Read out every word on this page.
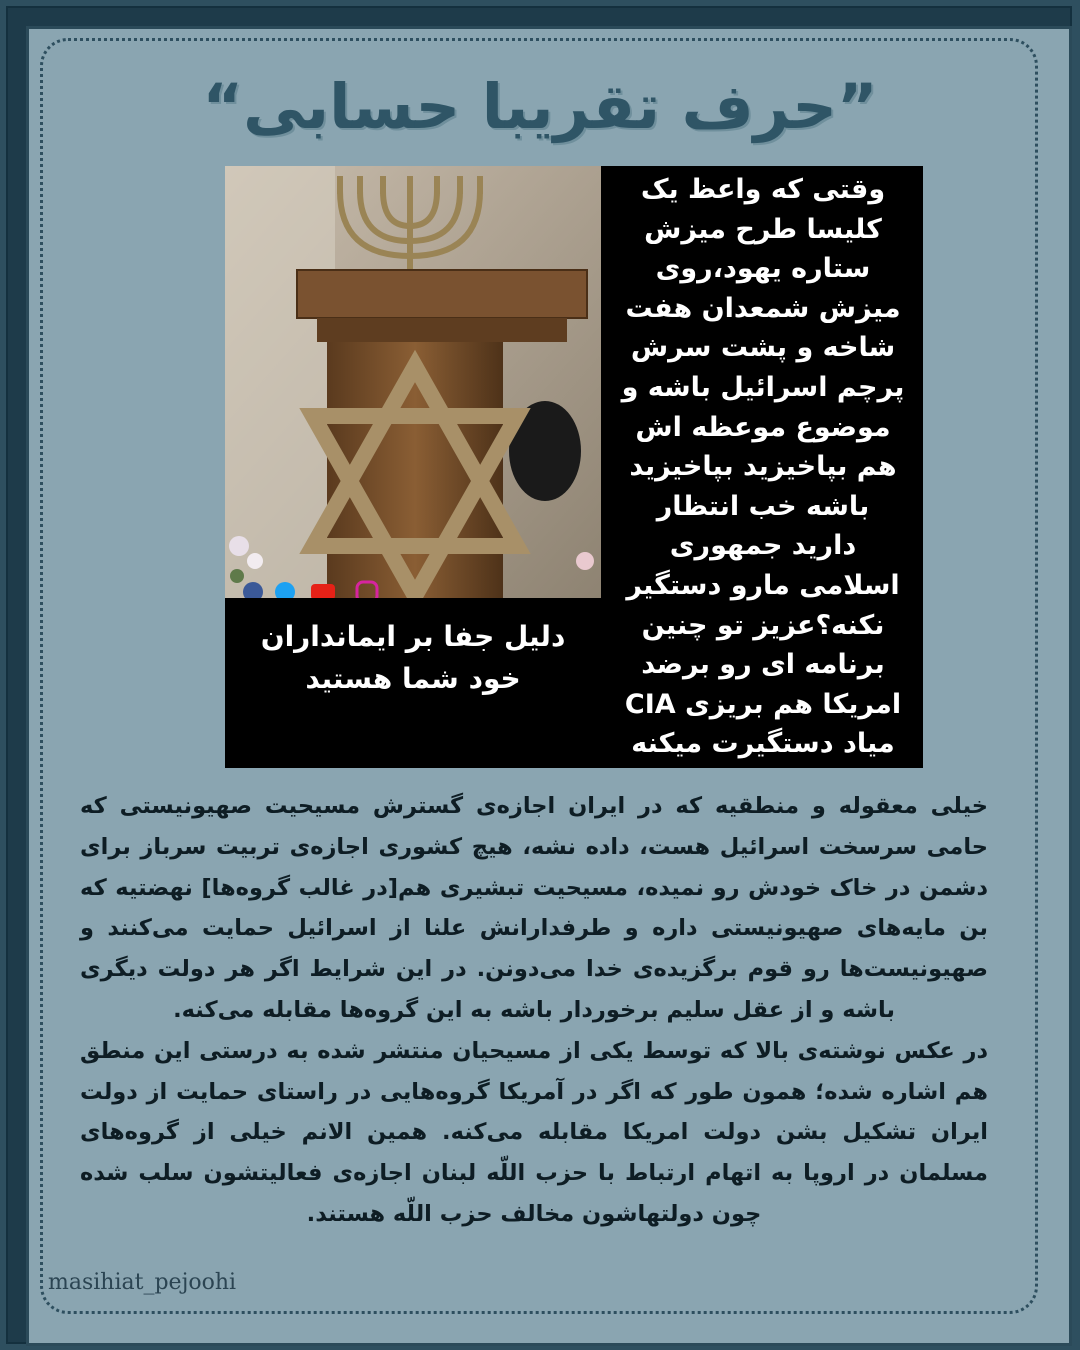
”حرف تقریبا حسابی“
وقتی که واعظ یک
کلیسا طرح میزش
ستاره یهود،روی
میزش شمعدان هفت
شاخه و پشت سرش
پرچم اسرائیل باشه و
موضوع موعظه اش
هم بپاخیزید بپاخیزید
باشه خب انتظار
دارید جمهوری
اسلامی مارو دستگیر
نکنه؟عزیز تو چنین
برنامه ای رو برضد
امریکا هم بریزی CIA
میاد دستگیرت میکنه
دلیل جفا بر ایمانداران
خود شما هستید

خیلی معقوله و منطقیه که در ایران اجازه‌ی گسترش مسیحیت صهیونیستی که حامی سرسخت اسرائیل هست، داده نشه، هیچ کشوری اجازه‌ی تربیت سرباز برای دشمن در خاک خودش رو نمیده، مسیحیت تبشیری هم[در غالب گروه‌ها] نهضتیه که بن مایه‌های صهیونیستی داره و طرفدارانش علنا از اسرائیل حمایت می‌کنند و صهیونیست‌ها رو قوم برگزیده‌ی خدا می‌دونن. در این شرایط اگر هر دولت دیگری باشه و از عقل سلیم برخوردار باشه به این گروه‌ها مقابله می‌کنه.

در عکس نوشته‌ی بالا که توسط یکی از مسیحیان منتشر شده به درستی این منطق هم اشاره شده؛ همون طور که اگر در آمریکا گروه‌هایی در راستای حمایت از دولت ایران تشکیل بشن دولت امریکا مقابله می‌کنه. همین الانم خیلی از گروه‌های مسلمان در اروپا به اتهام ارتباط با حزب اللّه لبنان اجازه‌ی فعالیتشون سلب شده چون دولتهاشون مخالف حزب اللّه هستند.

masihiat_pejoohi
